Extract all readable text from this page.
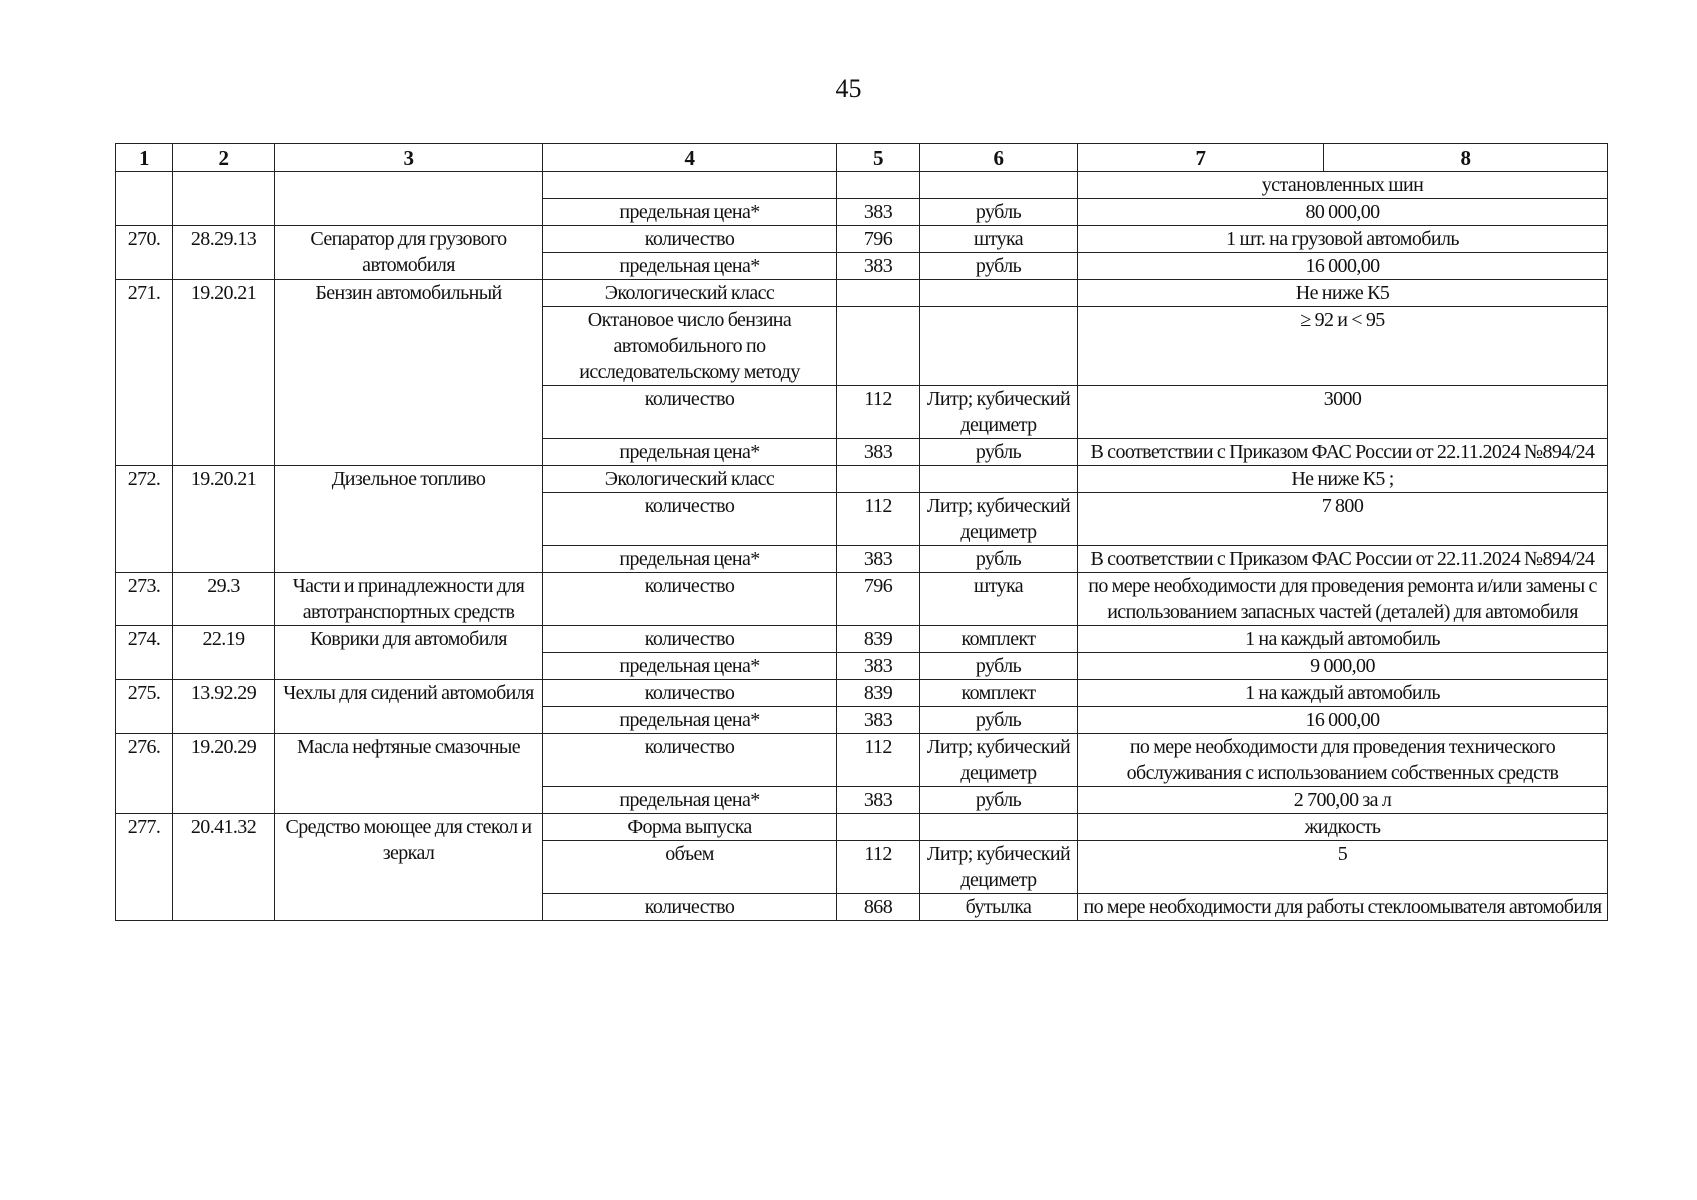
45
1	2	3	4	5	6	7	8
						установленных шин	
			предельная цена*	383	рубль	80 000,00	
270.	28.29.13	Сепаратор для грузового автомобиля	количество	796	штука	1 шт. на грузовой автомобиль	
			предельная цена*	383	рубль	16 000,00	
271.	19.20.21	Бензин автомобильный	Экологический класс			Не ниже К5	
			Октановое число бензина автомобильного по исследовательскому методу			≥ 92 и < 95	
			количество	112	Литр; кубический дециметр	3000	
			предельная цена*	383	рубль	В соответствии с Приказом ФАС России от 22.11.2024 №894/24	
272.	19.20.21	Дизельное топливо	Экологический класс			Не ниже К5 ;	
			количество	112	Литр; кубический дециметр	7 800	
			предельная цена*	383	рубль	В соответствии с Приказом ФАС России от 22.11.2024 №894/24	
273.	29.3	Части и принадлежности для автотранспортных средств	количество	796	штука	по мере необходимости для проведения ремонта и/или замены с использованием запасных частей (деталей) для автомобиля	
274.	22.19	Коврики для автомобиля	количество	839	комплект	1 на каждый автомобиль	
			предельная цена*	383	рубль	9 000,00	
275.	13.92.29	Чехлы для сидений автомобиля	количество	839	комплект	1 на каждый автомобиль	
			предельная цена*	383	рубль	16 000,00	
276.	19.20.29	Масла нефтяные смазочные	количество	112	Литр; кубический дециметр	по мере необходимости для проведения технического обслуживания с использованием собственных средств	
			предельная цена*	383	рубль	2 700,00 за л	
277.	20.41.32	Средство моющее для стекол и зеркал	Форма выпуска			жидкость	
			объем	112	Литр; кубический дециметр	5	
			количество	868	бутылка	по мере необходимости для работы стеклоомывателя автомобиля	
